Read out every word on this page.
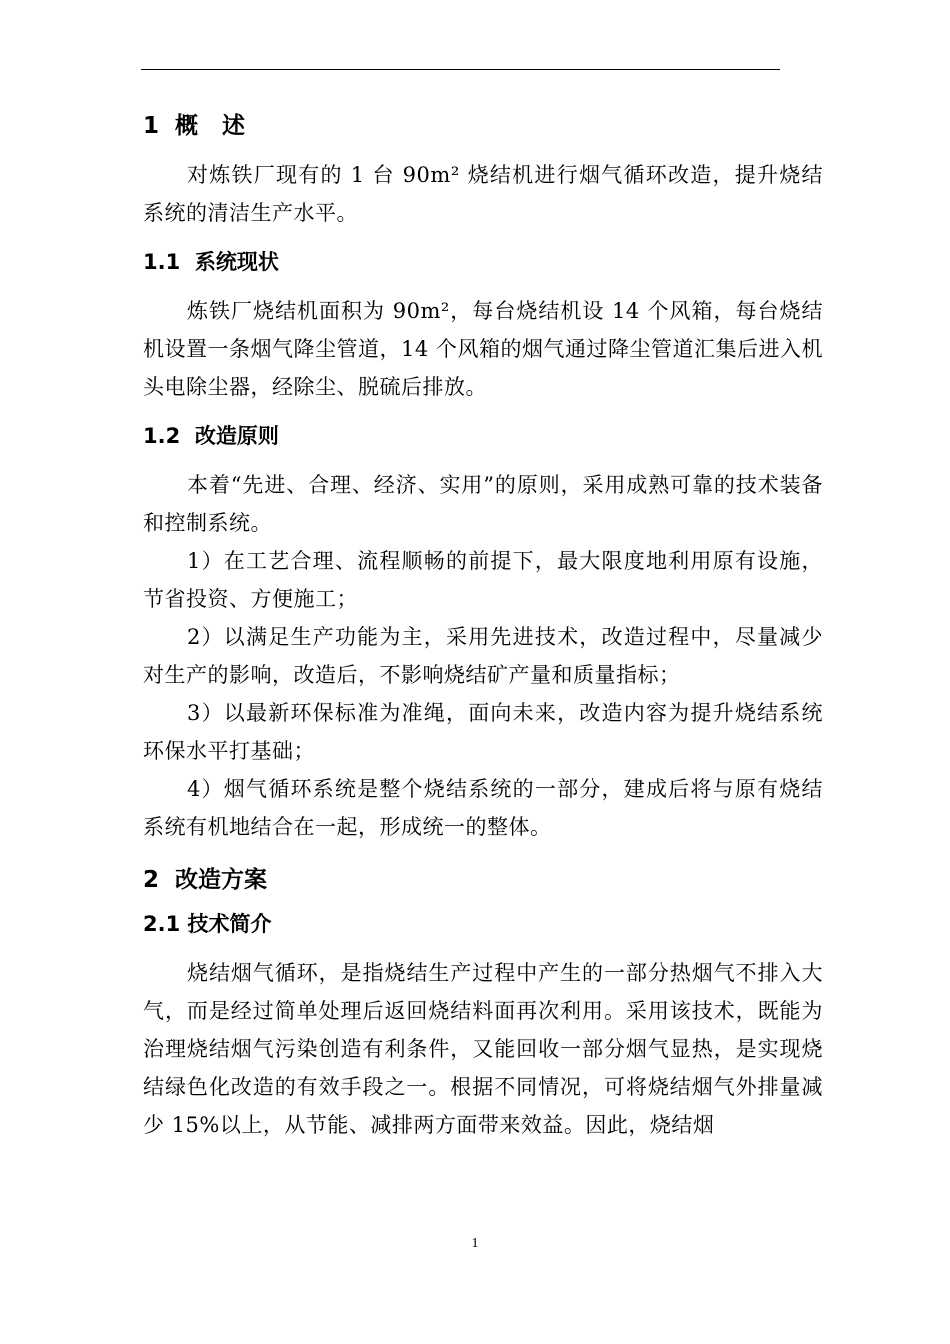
1  概   述

对炼铁厂现有的 1 台 90m² 烧结机进行烟气循环改造，提升烧结系统的清洁生产水平。

1.1  系统现状

炼铁厂烧结机面积为 90m²，每台烧结机设 14 个风箱，每台烧结机设置一条烟气降尘管道，14 个风箱的烟气通过降尘管道汇集后进入机头电除尘器，经除尘、脱硫后排放。

1.2  改造原则

本着“先进、合理、经济、实用”的原则，采用成熟可靠的技术装备和控制系统。

1）在工艺合理、流程顺畅的前提下，最大限度地利用原有设施，节省投资、方便施工；

2）以满足生产功能为主，采用先进技术，改造过程中，尽量减少对生产的影响，改造后，不影响烧结矿产量和质量指标；

3）以最新环保标准为准绳，面向未来，改造内容为提升烧结系统环保水平打基础；

4）烟气循环系统是整个烧结系统的一部分，建成后将与原有烧结系统有机地结合在一起，形成统一的整体。

2  改造方案
2.1 技术简介

烧结烟气循环，是指烧结生产过程中产生的一部分热烟气不排入大气，而是经过简单处理后返回烧结料面再次利用。采用该技术，既能为治理烧结烟气污染创造有利条件，又能回收一部分烟气显热，是实现烧结绿色化改造的有效手段之一。根据不同情况，可将烧结烟气外排量减少 15%以上，从节能、减排两方面带来效益。因此，烧结烟

1
